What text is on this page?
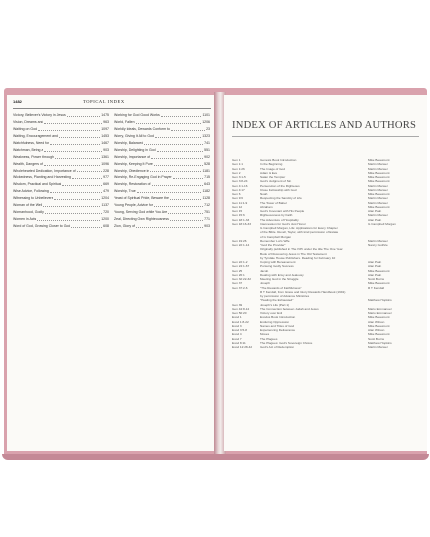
1482	TOPICAL INDEX
Victory, Believer's Victory in Jesus	1475
Vision, Dreams and	963
Waiting on God	1097
Waiting, Encouragement and	1453
Watchfulness, Need for	1467
Watchman, Being a	903
Weakness, Power through	1361
Wealth, Dangers of	1096
Wholehearted Dedication, Importance of	228
Wickedness, Planting and Harvesting	977
Wisdom, Practical and Spiritual	669
Wise Advice, Following	479
Witnessing to Unbelievers	1204
Woman of the Well	1137
Womanhood, Godly	720
Women in Acts	1200
Word of God, Growing Closer to God	608
Working for God Good Works	1101
World, Fallen	1206
Worldly Ideals, Dewards Conform to	23
Worry, Giving It All to God	1323
Worship, Balanced	741
Worship, Delighting in God	551
Worship, Importance of	902
Worship, Keeping It Pure	528
Worship, Obedience in	1181
Worship, Re-Engaging God in Prayer	715
Worship, Restoration of	643
Worship, True	1182
Yeast of Spiritual Pride, Beware the	1128
Young People, Advice for	712
Young, Serving God while You Are	751
Zeal, Directing Own Righteousness	771
Zion, Glory of	903
INDEX OF ARTICLES AND AUTHORS
Gen 1	Genesis Book Introduction	Mike Beaumont
Gen 1:1	In the Beginning	Martin Manser
Gen 1:26	The Image of God	Martin Manser
Gen 2	Adam & Eve	Mike Beaumont
Gen 3:1-5	Satan the Tempter	Mike Beaumont
Gen 3:8-24	God's Judgment of Sin	Mike Beaumont
Gen 4:1-16	Persecution of the Righteous	Martin Manser
Gen 4:17	Close Fellowship with God	Martin Manser
Gen 6	Noah	Mike Beaumont
Gen 9:6	Respecting the Sanctity of Life	Martin Manser
Gen 11:1-9	The Tower of Babel	Martin Manser
Gen 12	Abraham	Mike Beaumont
Gen 15	God's Covenant with His People	Alan Pain
Gen 15:6	Righteousness by Faith	Martin Manser
Gen 18:1-33	The Adventure of Hospitality	Alan Pain
Gen 18:16-33	Intercession for God's Just Honor	G Campbell Morgan
G Campbell Morgan, Life: Applications for Every Chapter
of the Bible. Revell, Taylor, with kind permission of Estate
of G Campbell Morgan
Gen 19:26	Remember Lot's Wife	Martin Manser
Gen 22:1-14	"God the Provider"	Nancy Guthrie
Originally published in The IVPt under the title The One Year
Book of Discovering Jesus in The Old Testament
by Tyndale House Publishers. Reading for February 10
Gen 22:1-2	Coping with Bereavement	Alan Pain
Gen 24:1-67	Pursuing Godly Success	Alan Pain
Gen 25	Jacob	Mike Beaumont
Gen 26:1	Dealing with Envy and Jealousy	Alan Pain
Gen 32:22-32	Meeting God in the Struggle	Scott Burns
Gen 37	Joseph	Mike Beaumont
Gen 37:2-6	"The Rewards of Faithfulness"	R T Kendall
R T Kendall, from Grace and Glory Rewards Handbook (1991)
by permission of Advance Ministries
"Healing the Exhausted"	Matthew Hopkins
Gen 39	Joseph's Life (Part 1)
Gen 44:8-12	The Connection between Judah and Jesus	Mario Emmanuel
Gen 50:20	Victory over Evil	Mario Emmanuel
Exod 1	Exodus Book Introduction	Mike Beaumont
Exod 1:8-22	Enduring Oppression	Alan Wilson
Exod 3	Names and Titles of God	Mike Beaumont
Exod 3:5-8	Experiencing Deliverance	Alan Wilson
Exod 4	Moses	Mike Beaumont
Exod 7	The Plagues	Scott Burns
Exod 8:11	The Plagues: God's Sovereign Choice	Matthew Hopkins
Exod 12:28-42	God's Act of Redemption	Martin Manser
